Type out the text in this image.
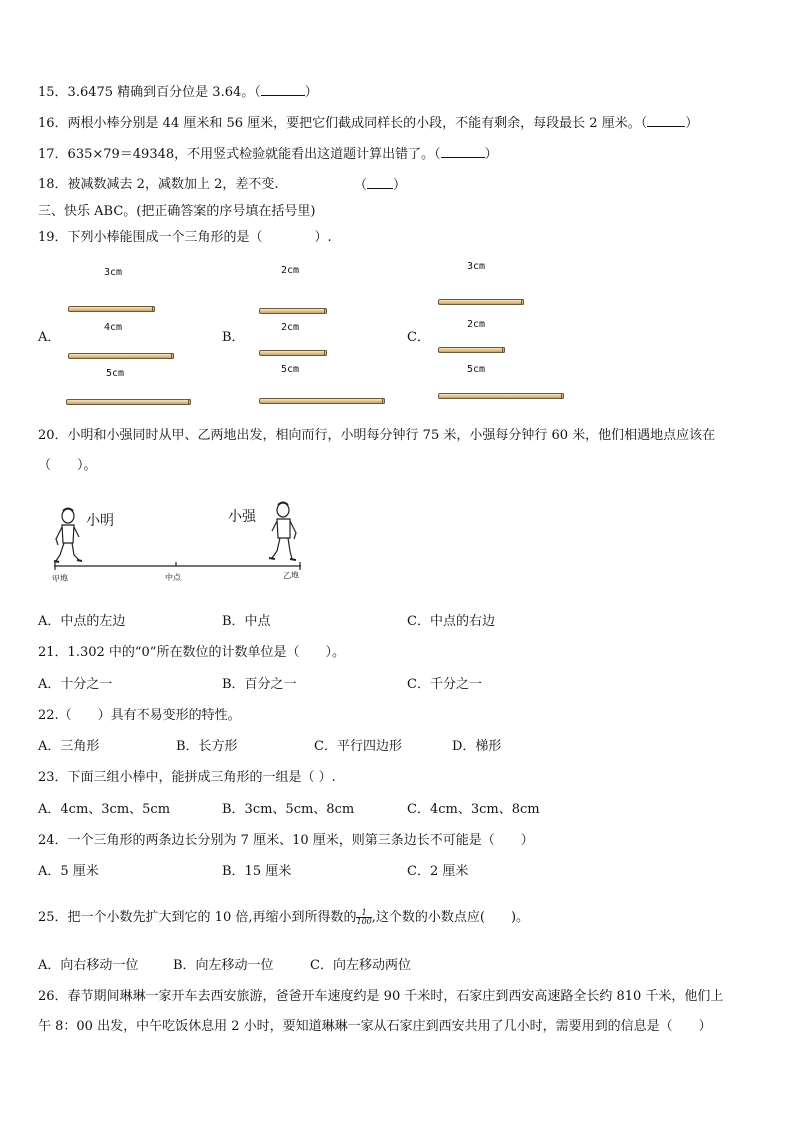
15．3.6475 精确到百分位是 3.64。（	）
16．两根小棒分别是 44 厘米和 56 厘米，要把它们截成同样长的小段，不能有剩余，每段最长 2 厘米。（	）
17．635×79＝49348，不用竖式检验就能看出这道题计算出错了。（	）
18．被减数减去 2，减数加上 2，差不变.	（ ）
三、快乐 ABC。(把正确答案的序号填在括号里)
19．下列小棒能围成一个三角形的是（　　　　）.
A．
3cm
4cm
5cm
B．
2cm
2cm
5cm
C．
3cm
2cm
5cm
20．小明和小强同时从甲、乙两地出发，相向而行，小明每分钟行 75 米，小强每分钟行 60 米，他们相遇地点应该在
（　　）。
小明	小强
甲地	中点	乙地
A．中点的左边	B．中点	C．中点的右边
21．1.302 中的“0”所在数位的计数单位是（　　）。
A．十分之一	B．百分之一	C．千分之一
22.（　　）具有不易变形的特性。
A．三角形	B．长方形	C．平行四边形	D．梯形
23．下面三组小棒中，能拼成三角形的一组是（ ）.
A．4cm、3cm、5cm	B．3cm、5cm、8cm	C．4cm、3cm、8cm
24．一个三角形的两条边长分别为 7 厘米、10 厘米，则第三条边长不可能是（　　）
A．5 厘米	B．15 厘米	C．2 厘米
25．把一个小数先扩大到它的 10 倍,再缩小到所得数的 $\frac{1}{100}$ ,这个数的小数点应(　　)。
A．向右移动一位	B．向左移动一位	C．向左移动两位
26．春节期间琳琳一家开车去西安旅游，爸爸开车速度约是 90 千米时，石家庄到西安高速路全长约 810 千米，他们上
午 8：00 出发，中午吃饭休息用 2 小时，要知道琳琳一家从石家庄到西安共用了几小时，需要用到的信息是（　　）
